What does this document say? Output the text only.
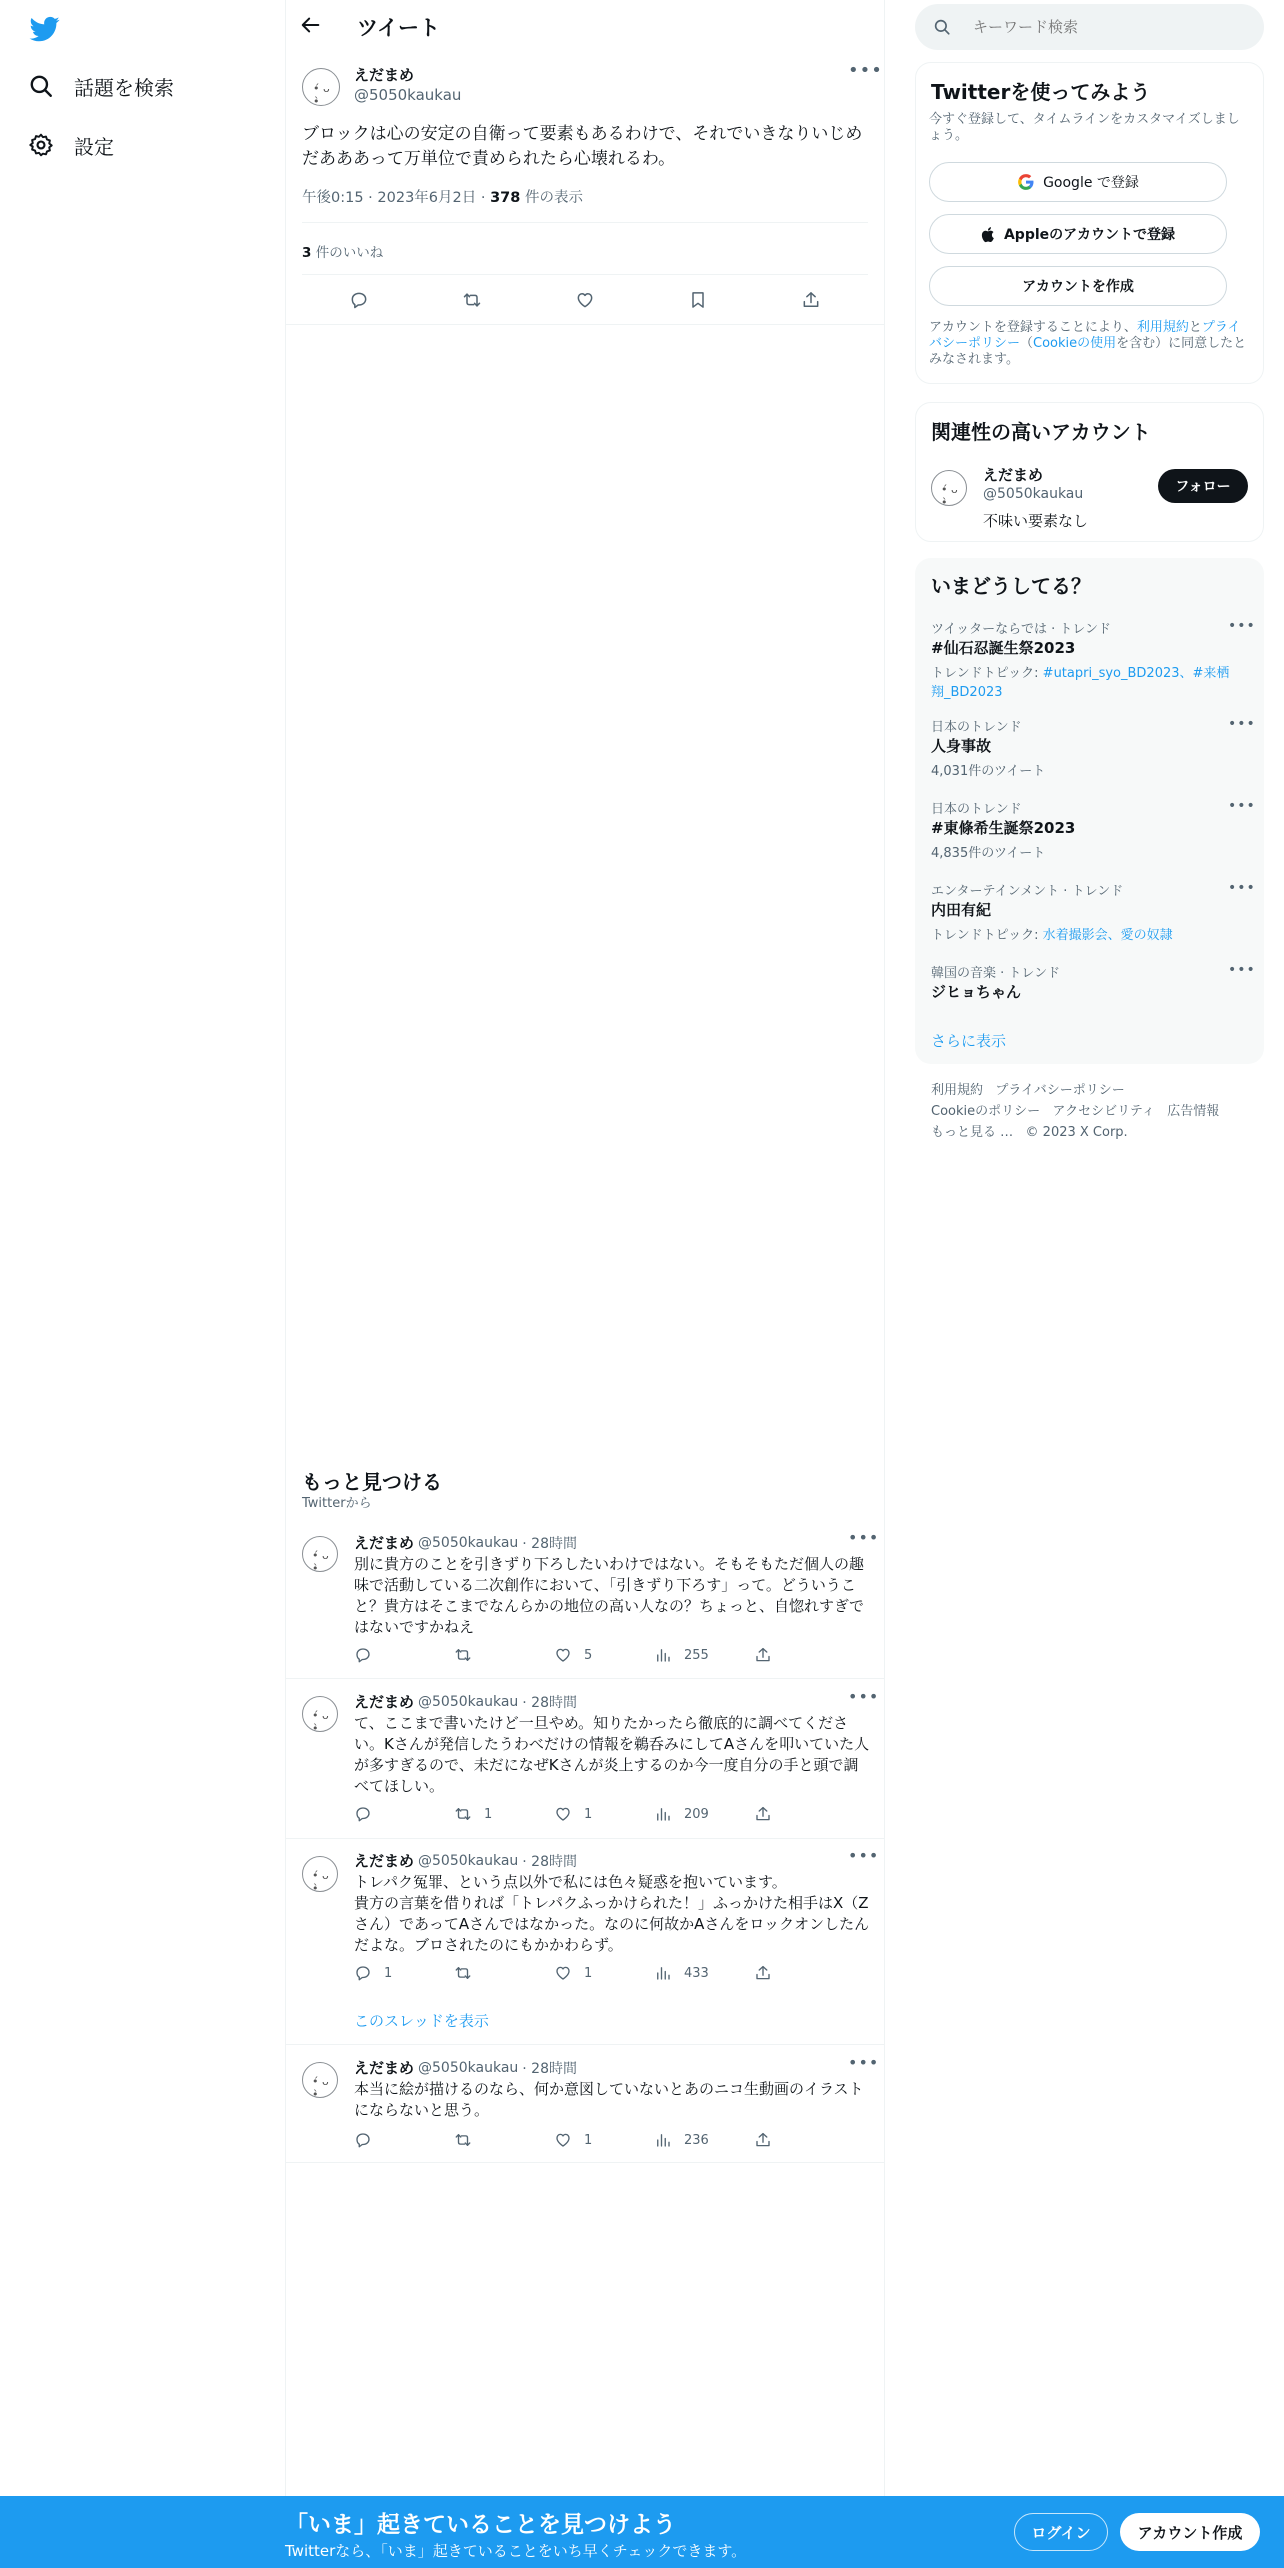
話題を検索
設定
ツイート
•́ ᴗ •̀
えだまめ
@5050kaukau
•••
ブロックは心の安定の自衛って要素もあるわけで、それでいきなりいじめだあああって万単位で責められたら心壊れるわ。
午後0:15 · 2023年6月2日 · 378 件の表示
3 件のいいね
もっと見つける
Twitterから
•́ ᴗ •̀
えだまめ @5050kaukau · 28時間	•••
別に貴方のことを引きずり下ろしたいわけではない。そもそもただ個人の趣味で活動している二次創作において、「引きずり下ろす」って。どういうこと？貴方はそこまでなんらかの地位の高い人なの？ちょっと、自惚れすぎではないですかねえ
5	255
•́ ᴗ •̀
えだまめ @5050kaukau · 28時間	•••
て、ここまで書いたけど一旦やめ。知りたかったら徹底的に調べてください。Kさんが発信したうわべだけの情報を鵜呑みにしてAさんを叩いていた人が多すぎるので、未だになぜKさんが炎上するのか今一度自分の手と頭で調べてほしい。
1	1	209
•́ ᴗ •̀
えだまめ @5050kaukau · 28時間	•••
トレパク冤罪、という点以外で私には色々疑惑を抱いています。
貴方の言葉を借りれば「トレパクふっかけられた！」ふっかけた相手はX（Zさん）であってAさんではなかった。なのに何故かAさんをロックオンしたんだよな。ブロされたのにもかかわらず。
1	1	433
このスレッドを表示
•́ ᴗ •̀
えだまめ @5050kaukau · 28時間	•••
本当に絵が描けるのなら、何か意図していないとあのニコ生動画のイラストにならないと思う。
1	236
キーワード検索
Twitterを使ってみよう
今すぐ登録して、タイムラインをカスタマイズしましょう。
Google で登録
Appleのアカウントで登録
アカウントを作成
アカウントを登録することにより、利用規約とプライバシーポリシー（Cookieの使用を含む）に同意したとみなされます。
関連性の高いアカウント
•́ ᴗ •̀
えだまめ
@5050kaukau
不味い要素なし
フォロー
いまどうしてる？
ツイッターならでは · トレンド
#仙石忍誕生祭2023
トレンドトピック: #utapri_syo_BD2023、#来栖翔_BD2023
•••
日本のトレンド
人身事故
4,031件のツイート
•••
日本のトレンド
#東條希生誕祭2023
4,835件のツイート
•••
エンターテインメント · トレンド
内田有紀
トレンドトピック: 水着撮影会、愛の奴隷
•••
韓国の音楽 · トレンド
ジヒョちゃん
•••
さらに表示
利用規約 プライバシーポリシー
Cookieのポリシー アクセシビリティ 広告情報
もっと見る … © 2023 X Corp.
「いま」起きていることを見つけよう
Twitterなら、「いま」起きていることをいち早くチェックできます。
ログイン	アカウント作成
